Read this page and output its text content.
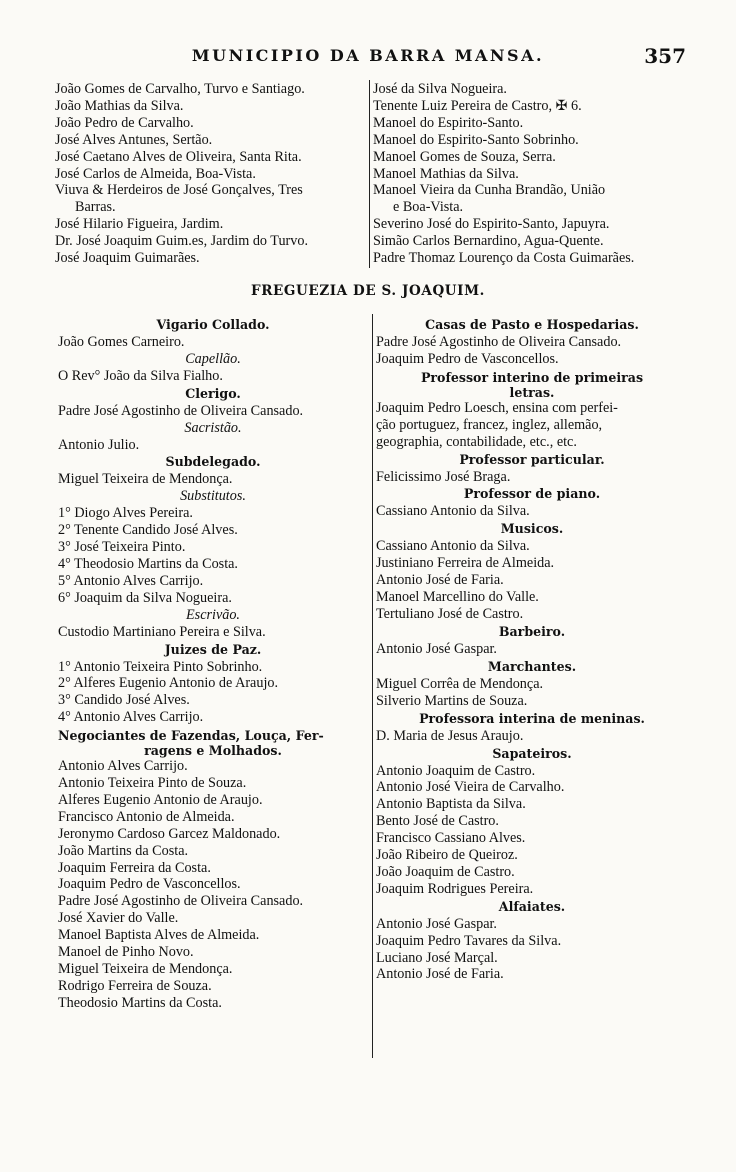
MUNICIPIO DA BARRA MANSA.	357
João Gomes de Carvalho, Turvo e Santiago.
João Mathias da Silva.
João Pedro de Carvalho.
José Alves Antunes, Sertão.
José Caetano Alves de Oliveira, Santa Rita.
José Carlos de Almeida, Boa-Vista.
Viuva & Herdeiros de José Gonçalves, Tres
Barras.
José Hilario Figueira, Jardim.
Dr. José Joaquim Guim.es, Jardim do Turvo.
José Joaquim Guimarães.
José da Silva Nogueira.
Tenente Luiz Pereira de Castro, ✠ 6.
Manoel do Espirito-Santo.
Manoel do Espirito-Santo Sobrinho.
Manoel Gomes de Souza, Serra.
Manoel Mathias da Silva.
Manoel Vieira da Cunha Brandão, União
e Boa-Vista.
Severino José do Espirito-Santo, Japuyra.
Simão Carlos Bernardino, Agua-Quente.
Padre Thomaz Lourenço da Costa Guimarães.
FREGUEZIA DE S. JOAQUIM.
Vigario Collado.
João Gomes Carneiro.
Capellão.
O Rev° João da Silva Fialho.
Clerigo.
Padre José Agostinho de Oliveira Cansado.
Sacristão.
Antonio Julio.
Subdelegado.
Miguel Teixeira de Mendonça.
Substitutos.
1° Diogo Alves Pereira.
2° Tenente Candido José Alves.
3° José Teixeira Pinto.
4° Theodosio Martins da Costa.
5° Antonio Alves Carrijo.
6° Joaquim da Silva Nogueira.
Escrivão.
Custodio Martiniano Pereira e Silva.
Juizes de Paz.
1° Antonio Teixeira Pinto Sobrinho.
2° Alferes Eugenio Antonio de Araujo.
3° Candido José Alves.
4° Antonio Alves Carrijo.
Negociantes de Fazendas, Louça, Fer-
ragens e Molhados.
Antonio Alves Carrijo.
Antonio Teixeira Pinto de Souza.
Alferes Eugenio Antonio de Araujo.
Francisco Antonio de Almeida.
Jeronymo Cardoso Garcez Maldonado.
João Martins da Costa.
Joaquim Ferreira da Costa.
Joaquim Pedro de Vasconcellos.
Padre José Agostinho de Oliveira Cansado.
José Xavier do Valle.
Manoel Baptista Alves de Almeida.
Manoel de Pinho Novo.
Miguel Teixeira de Mendonça.
Rodrigo Ferreira de Souza.
Theodosio Martins da Costa.
Casas de Pasto e Hospedarias.
Padre José Agostinho de Oliveira Cansado.
Joaquim Pedro de Vasconcellos.
Professor interino de primeiras
letras.
Joaquim Pedro Loesch, ensina com perfei-
ção portuguez, francez, inglez, allemão,
geographia, contabilidade, etc., etc.
Professor particular.
Felicissimo José Braga.
Professor de piano.
Cassiano Antonio da Silva.
Musicos.
Cassiano Antonio da Silva.
Justiniano Ferreira de Almeida.
Antonio José de Faria.
Manoel Marcellino do Valle.
Tertuliano José de Castro.
Barbeiro.
Antonio José Gaspar.
Marchantes.
Miguel Corrêa de Mendonça.
Silverio Martins de Souza.
Professora interina de meninas.
D. Maria de Jesus Araujo.
Sapateiros.
Antonio Joaquim de Castro.
Antonio José Vieira de Carvalho.
Antonio Baptista da Silva.
Bento José de Castro.
Francisco Cassiano Alves.
João Ribeiro de Queiroz.
João Joaquim de Castro.
Joaquim Rodrigues Pereira.
Alfaiates.
Antonio José Gaspar.
Joaquim Pedro Tavares da Silva.
Luciano José Marçal.
Antonio José de Faria.
